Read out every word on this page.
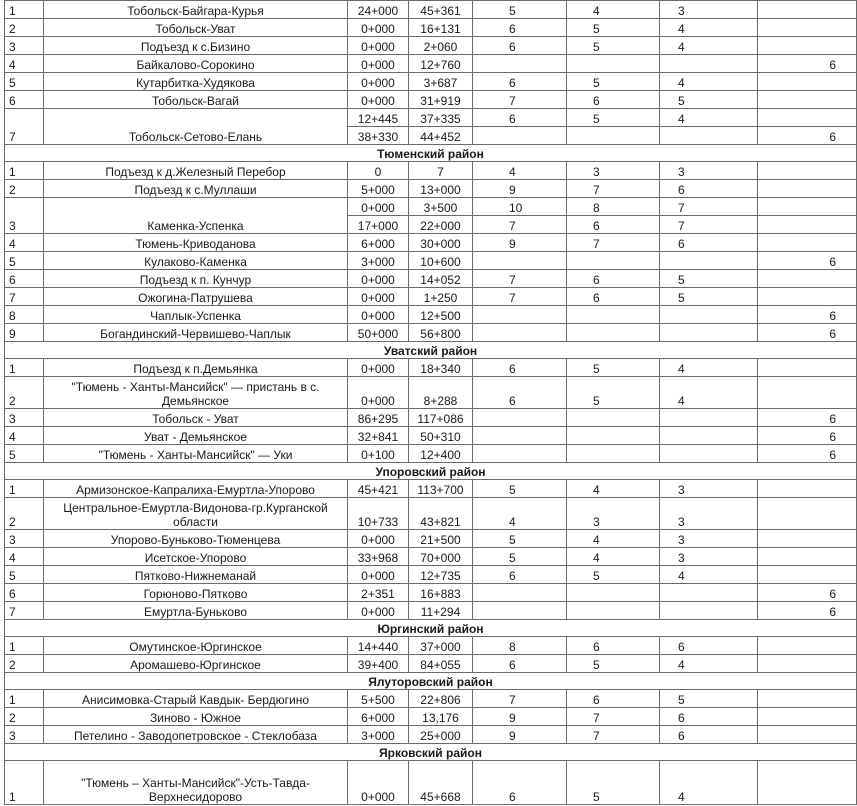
1	Тобольск-Байгара-Курья	24+000	45+361	5	4	3	
2	Тобольск-Уват	0+000	16+131	6	5	4	
3	Подъезд к с.Бизино	0+000	2+060	6	5	4	
4	Байкалово-Сорокино	0+000	12+760				6
5	Кутарбитка-Худякова	0+000	3+687	6	5	4	
6	Тобольск-Вагай	0+000	31+919	7	6	5	
7	Тобольск-Сетово-Елань	12+445	37+335	6	5	4	
		38+330	44+452				6
Тюменский район							
1	Подъезд к д.Железный Перебор	0	7	4	3	3	
2	Подъезд к с.Муллаши	5+000	13+000	9	7	6	
3	Каменка-Успенка	0+000	3+500	10	8	7	
		17+000	22+000	7	6	7	
4	Тюмень-Криводанова	6+000	30+000	9	7	6	
5	Кулаково-Каменка	3+000	10+600				6
6	Подъезд к п. Кунчур	0+000	14+052	7	6	5	
7	Ожогина-Патрушева	0+000	1+250	7	6	5	
8	Чаплык-Успенка	0+000	12+500				6
9	Богандинский-Червишево-Чаплык	50+000	56+800				6
Уватский район							
1	Подъезд к п.Демьянка	0+000	18+340	6	5	4	
2	"Тюмень - Ханты-Мансийск" — пристань в с. Демьянское	0+000	8+288	6	5	4	
3	Тобольск - Уват	86+295	117+086				6
4	Уват - Демьянское	32+841	50+310				6
5	"Тюмень - Ханты-Мансийск" — Уки	0+100	12+400				6
Упоровский район							
1	Армизонское-Капралиха-Емуртла-Упорово	45+421	113+700	5	4	3	
2	Центральное-Емуртла-Видонова-гр.Курганской области	10+733	43+821	4	3	3	
3	Упорово-Буньково-Тюменцева	0+000	21+500	5	4	3	
4	Исетское-Упорово	33+968	70+000	5	4	3	
5	Пятково-Нижнеманай	0+000	12+735	6	5	4	
6	Горюново-Пятково	2+351	16+883				6
7	Емуртла-Буньково	0+000	11+294				6
Юргинский район							
1	Омутинское-Юргинское	14+440	37+000	8	6	6	
2	Аромашево-Юргинское	39+400	84+055	6	5	4	
Ялуторовский район							
1	Анисимовка-Старый Кавдык- Бердюгино	5+500	22+806	7	6	5	
2	Зиново - Южное	6+000	13,176	9	7	6	
3	Петелино - Заводопетровское - Стеклобаза	3+000	25+000	9	7	6	
Ярковский район							
1	"Тюмень – Ханты-Мансийск"-Усть-Тавда-Верхнесидорово	0+000	45+668	6	5	4	
